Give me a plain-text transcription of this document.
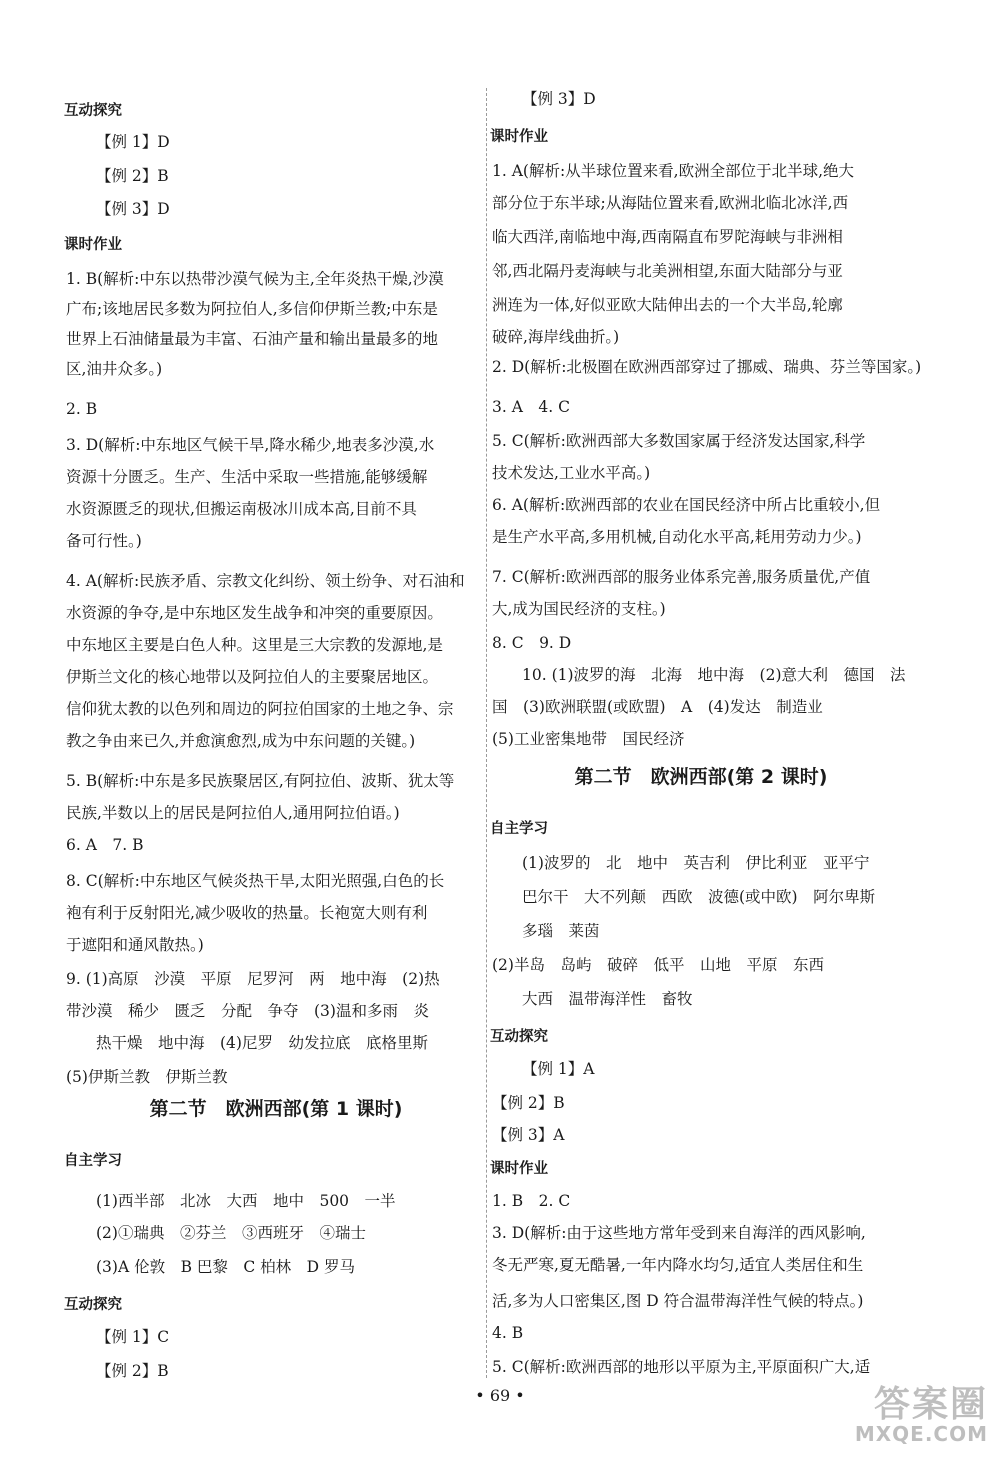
互动探究
【例 1】D
【例 2】B
【例 3】D
课时作业
1. B(解析:中东以热带沙漠气候为主,全年炎热干燥,沙漠
广布;该地居民多数为阿拉伯人,多信仰伊斯兰教;中东是
世界上石油储量最为丰富、石油产量和输出量最多的地
区,油井众多。)
2. B
3. D(解析:中东地区气候干旱,降水稀少,地表多沙漠,水
资源十分匮乏。生产、生活中采取一些措施,能够缓解
水资源匮乏的现状,但搬运南极冰川成本高,目前不具
备可行性。)
4. A(解析:民族矛盾、宗教文化纠纷、领土纷争、对石油和
水资源的争夺,是中东地区发生战争和冲突的重要原因。
中东地区主要是白色人种。这里是三大宗教的发源地,是
伊斯兰文化的核心地带以及阿拉伯人的主要聚居地区。
信仰犹太教的以色列和周边的阿拉伯国家的土地之争、宗
教之争由来已久,并愈演愈烈,成为中东问题的关键。)
5. B(解析:中东是多民族聚居区,有阿拉伯、波斯、犹太等
民族,半数以上的居民是阿拉伯人,通用阿拉伯语。)
6. A　7. B
8. C(解析:中东地区气候炎热干旱,太阳光照强,白色的长
袍有利于反射阳光,减少吸收的热量。长袍宽大则有利
于遮阳和通风散热。)
9. (1)高原　沙漠　平原　尼罗河　两　地中海　(2)热
带沙漠　稀少　匮乏　分配　争夺　(3)温和多雨　炎
热干燥　地中海　(4)尼罗　幼发拉底　底格里斯
(5)伊斯兰教　伊斯兰教
第二节　欧洲西部(第 1 课时)
自主学习
(1)西半部　北冰　大西　地中　500　一半
(2)①瑞典　②芬兰　③西班牙　④瑞士
(3)A 伦敦　B 巴黎　C 柏林　D 罗马
互动探究
【例 1】C
【例 2】B
【例 3】D
课时作业
1. A(解析:从半球位置来看,欧洲全部位于北半球,绝大
部分位于东半球;从海陆位置来看,欧洲北临北冰洋,西
临大西洋,南临地中海,西南隔直布罗陀海峡与非洲相
邻,西北隔丹麦海峡与北美洲相望,东面大陆部分与亚
洲连为一体,好似亚欧大陆伸出去的一个大半岛,轮廓
破碎,海岸线曲折。)
2. D(解析:北极圈在欧洲西部穿过了挪威、瑞典、芬兰等国家。)
3. A　4. C
5. C(解析:欧洲西部大多数国家属于经济发达国家,科学
技术发达,工业水平高。)
6. A(解析:欧洲西部的农业在国民经济中所占比重较小,但
是生产水平高,多用机械,自动化水平高,耗用劳动力少。)
7. C(解析:欧洲西部的服务业体系完善,服务质量优,产值
大,成为国民经济的支柱。)
8. C　9. D
10. (1)波罗的海　北海　地中海　(2)意大利　德国　法
国　(3)欧洲联盟(或欧盟)　A　(4)发达　制造业
(5)工业密集地带　国民经济
第二节　欧洲西部(第 2 课时)
自主学习
(1)波罗的　北　地中　英吉利　伊比利亚　亚平宁
巴尔干　大不列颠　西欧　波德(或中欧)　阿尔卑斯
多瑙　莱茵
(2)半岛　岛屿　破碎　低平　山地　平原　东西
大西　温带海洋性　畜牧
互动探究
【例 1】A
【例 2】B
【例 3】A
课时作业
1. B　2. C
3. D(解析:由于这些地方常年受到来自海洋的西风影响,
冬无严寒,夏无酷暑,一年内降水均匀,适宜人类居住和生
活,多为人口密集区,图 D 符合温带海洋性气候的特点。)
4. B
5. C(解析:欧洲西部的地形以平原为主,平原面积广大,适
• 69 •	答案圈
MXQE.COM
